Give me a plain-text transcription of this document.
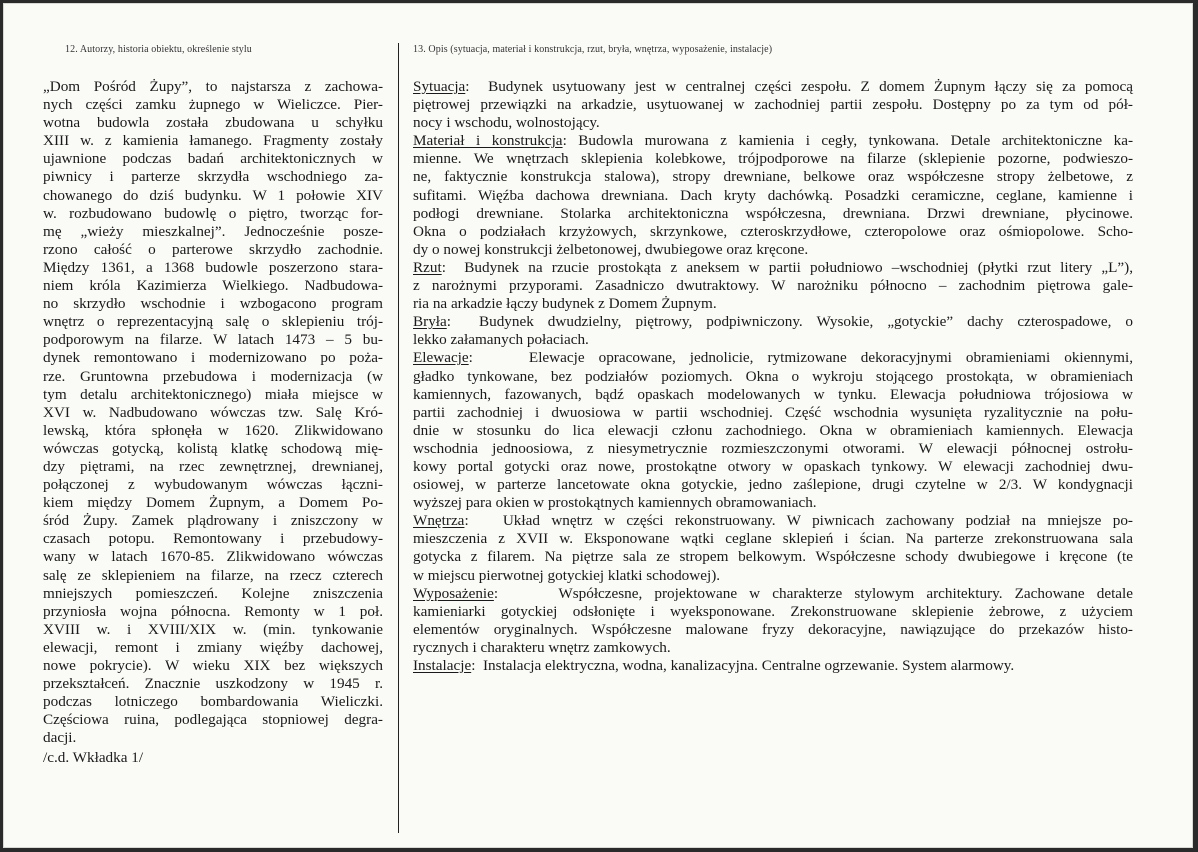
12. Autorzy, historia obiektu, określenie stylu
„Dom Pośród Żupy”, to najstarsza z zachowa-
nych części zamku żupnego w Wieliczce. Pier-
wotna budowla została zbudowana u schyłku
XIII w. z kamienia łamanego. Fragmenty zostały
ujawnione podczas badań architektonicznych w
piwnicy i parterze skrzydła wschodniego za-
chowanego do dziś budynku. W 1 połowie XIV
w. rozbudowano budowlę o piętro, tworząc for-
mę „wieży mieszkalnej”. Jednocześnie posze-
rzono całość o parterowe skrzydło zachodnie.
Między 1361, a 1368 budowle poszerzono stara-
niem króla Kazimierza Wielkiego. Nadbudowa-
no skrzydło wschodnie i wzbogacono program
wnętrz o reprezentacyjną salę o sklepieniu trój-
podporowym na filarze. W latach 1473 – 5 bu-
dynek remontowano i modernizowano po poża-
rze. Gruntowna przebudowa i modernizacja (w
tym detalu architektonicznego) miała miejsce w
XVI w. Nadbudowano wówczas tzw. Salę Kró-
lewską, która spłonęła w 1620. Zlikwidowano
wówczas gotycką, kolistą klatkę schodową mię-
dzy piętrami, na rzec zewnętrznej, drewnianej,
połączonej z wybudowanym wówczas łączni-
kiem między Domem Żupnym, a Domem Po-
śród Żupy. Zamek plądrowany i zniszczony w
czasach potopu. Remontowany i przebudowy-
wany w latach 1670-85. Zlikwidowano wówczas
salę ze sklepieniem na filarze, na rzecz czterech
mniejszych pomieszczeń. Kolejne zniszczenia
przyniosła wojna północna. Remonty w 1 poł.
XVIII w. i XVIII/XIX w. (min. tynkowanie
elewacji, remont i zmiany więźby dachowej,
nowe pokrycie). W wieku XIX bez większych
przekształceń. Znacznie uszkodzony w 1945 r.
podczas lotniczego bombardowania Wieliczki.
Częściowa ruina, podlegająca stopniowej degra-
dacji.
/c.d. Wkładka 1/
13. Opis (sytuacja, materiał i konstrukcja, rzut, bryła, wnętrza, wyposażenie, instalacje)
Sytuacja:  Budynek usytuowany jest w centralnej części zespołu. Z domem Żupnym łączy się za pomocą
piętrowej przewiązki na arkadzie, usytuowanej w zachodniej partii zespołu. Dostępny po za tym od pół-
nocy i wschodu, wolnostojący.
Materiał i konstrukcja: Budowla murowana z kamienia i cegły, tynkowana. Detale architektoniczne ka-
mienne. We wnętrzach sklepienia kolebkowe, trójpodporowe na filarze (sklepienie pozorne, podwieszo-
ne, faktycznie konstrukcja stalowa), stropy drewniane, belkowe oraz współczesne stropy żelbetowe, z
sufitami. Więźba dachowa drewniana. Dach kryty dachówką. Posadzki ceramiczne, ceglane, kamienne i
podłogi drewniane. Stolarka architektoniczna współczesna, drewniana. Drzwi drewniane, płycinowe.
Okna o podziałach krzyżowych, skrzynkowe, czteroskrzydłowe, czteropolowe oraz ośmiopolowe. Scho-
dy o nowej konstrukcji żelbetonowej, dwubiegowe oraz kręcone.
Rzut:  Budynek na rzucie prostokąta z aneksem w partii południowo –wschodniej (płytki rzut litery „L”),
z narożnymi przyporami. Zasadniczo dwutraktowy. W narożniku północno – zachodnim piętrowa gale-
ria na arkadzie łączy budynek z Domem Żupnym.
Bryła:  Budynek dwudzielny, piętrowy, podpiwniczony. Wysokie, „gotyckie” dachy czterospadowe, o
lekko załamanych połaciach.
Elewacje:    Elewacje opracowane, jednolicie, rytmizowane dekoracyjnymi obramieniami okiennymi,
gładko tynkowane, bez podziałów poziomych. Okna o wykroju stojącego prostokąta, w obramieniach
kamiennych, fazowanych, bądź opaskach modelowanych w tynku. Elewacja południowa trójosiowa w
partii zachodniej i dwuosiowa w partii wschodniej. Część wschodnia wysunięta ryzalitycznie na połu-
dnie w stosunku do lica elewacji członu zachodniego. Okna w obramieniach kamiennych. Elewacja
wschodnia jednoosiowa, z niesymetrycznie rozmieszczonymi otworami. W elewacji północnej ostrołu-
kowy portal gotycki oraz nowe, prostokątne otwory w opaskach tynkowy. W elewacji zachodniej dwu-
osiowej, w parterze lancetowate okna gotyckie, jedno zaślepione, drugi czytelne w 2/3. W kondygnacji
wyższej para okien w prostokątnych kamiennych obramowaniach.
Wnętrza:   Układ wnętrz w części rekonstruowany. W piwnicach zachowany podział na mniejsze po-
mieszczenia z XVII w. Eksponowane wątki ceglane sklepień i ścian. Na parterze zrekonstruowana sala
gotycka z filarem. Na piętrze sala ze stropem belkowym. Współczesne schody dwubiegowe i kręcone (te
w miejscu pierwotnej gotyckiej klatki schodowej).
Wyposażenie:     Współczesne, projektowane w charakterze stylowym architektury. Zachowane detale
kamieniarki gotyckiej odsłonięte i wyeksponowane. Zrekonstruowane sklepienie żebrowe, z użyciem
elementów oryginalnych. Współczesne malowane fryzy dekoracyjne, nawiązujące do przekazów histo-
rycznych i charakteru wnętrz zamkowych.
Instalacje:  Instalacja elektryczna, wodna, kanalizacyjna. Centralne ogrzewanie. System alarmowy.
